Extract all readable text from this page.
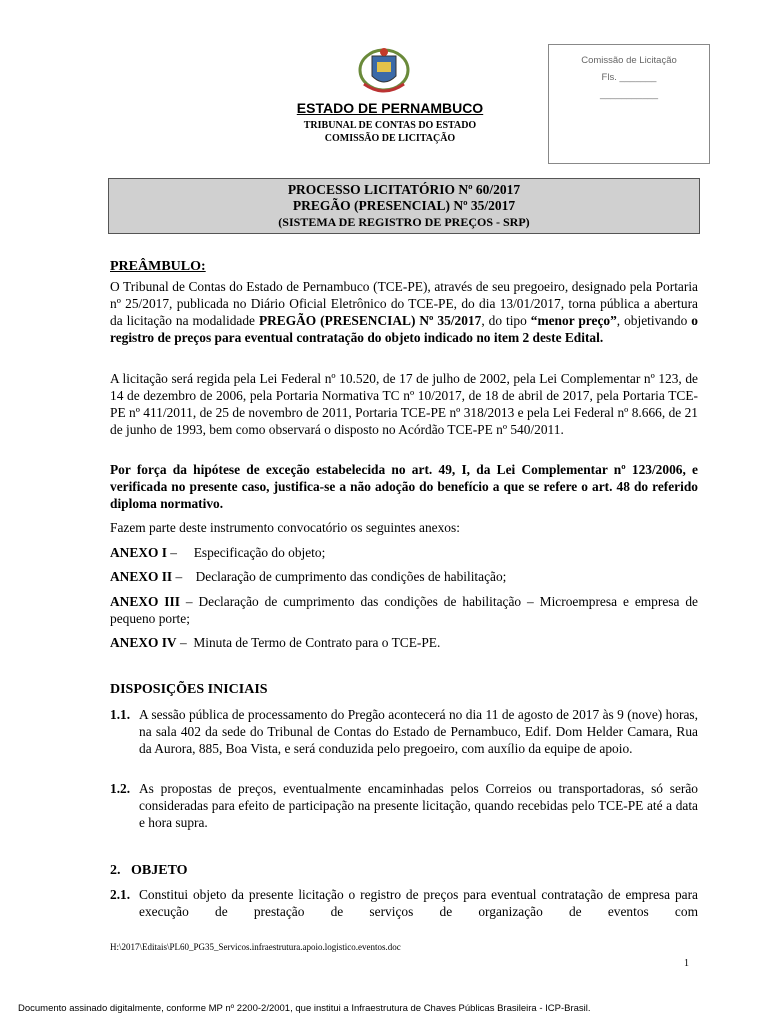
ESTADO DE PERNAMBUCO
TRIBUNAL DE CONTAS DO ESTADO
COMISSÃO DE LICITAÇÃO
Comissão de Licitação
Fls. _______
___________
PROCESSO LICITATÓRIO Nº 60/2017
PREGÃO (PRESENCIAL) Nº 35/2017
(SISTEMA DE REGISTRO DE PREÇOS - SRP)
PREÂMBULO:
O Tribunal de Contas do Estado de Pernambuco (TCE-PE), através de seu pregoeiro, designado pela Portaria nº 25/2017, publicada no Diário Oficial Eletrônico do TCE-PE, do dia 13/01/2017, torna pública a abertura da licitação na modalidade PREGÃO (PRESENCIAL) Nº 35/2017, do tipo “menor preço”, objetivando o registro de preços para eventual contratação do objeto indicado no item 2 deste Edital.
A licitação será regida pela Lei Federal nº 10.520, de 17 de julho de 2002, pela Lei Complementar nº 123, de 14 de dezembro de 2006, pela Portaria Normativa TC nº 10/2017, de 18 de abril de 2017, pela Portaria TCE-PE nº 411/2011, de 25 de novembro de 2011, Portaria TCE-PE nº 318/2013 e pela Lei Federal nº 8.666, de 21 de junho de 1993, bem como observará o disposto no Acórdão TCE-PE nº 540/2011.
Por força da hipótese de exceção estabelecida no art. 49, I, da Lei Complementar nº 123/2006, e verificada no presente caso, justifica-se a não adoção do benefício a que se refere o art. 48 do referido diploma normativo.
Fazem parte deste instrumento convocatório os seguintes anexos:
ANEXO I –     Especificação do objeto;
ANEXO II –    Declaração de cumprimento das condições de habilitação;
ANEXO III – Declaração de cumprimento das condições de habilitação – Microempresa e empresa de pequeno porte;
ANEXO IV –  Minuta de Termo de Contrato para o TCE-PE.
DISPOSIÇÕES INICIAIS
1.1. A sessão pública de processamento do Pregão acontecerá no dia 11 de agosto de 2017 às 9 (nove) horas, na sala 402 da sede do Tribunal de Contas do Estado de Pernambuco, Edif. Dom Helder Camara, Rua da Aurora, 885, Boa Vista, e será conduzida pelo pregoeiro, com auxílio da equipe de apoio.
1.2. As propostas de preços, eventualmente encaminhadas pelos Correios ou transportadoras, só serão consideradas para efeito de participação na presente licitação, quando recebidas pelo TCE-PE até a data e hora supra.
2.   OBJETO
2.1. Constitui objeto da presente licitação o registro de preços para eventual contratação de empresa para execução de prestação de serviços de organização de eventos com
H:\2017\Editais\PL60_PG35_Servicos.infraestrutura.apoio.logistico.eventos.doc
1
Documento assinado digitalmente, conforme MP nº 2200-2/2001, que institui a Infraestrutura de Chaves Públicas Brasileira - ICP-Brasil.
